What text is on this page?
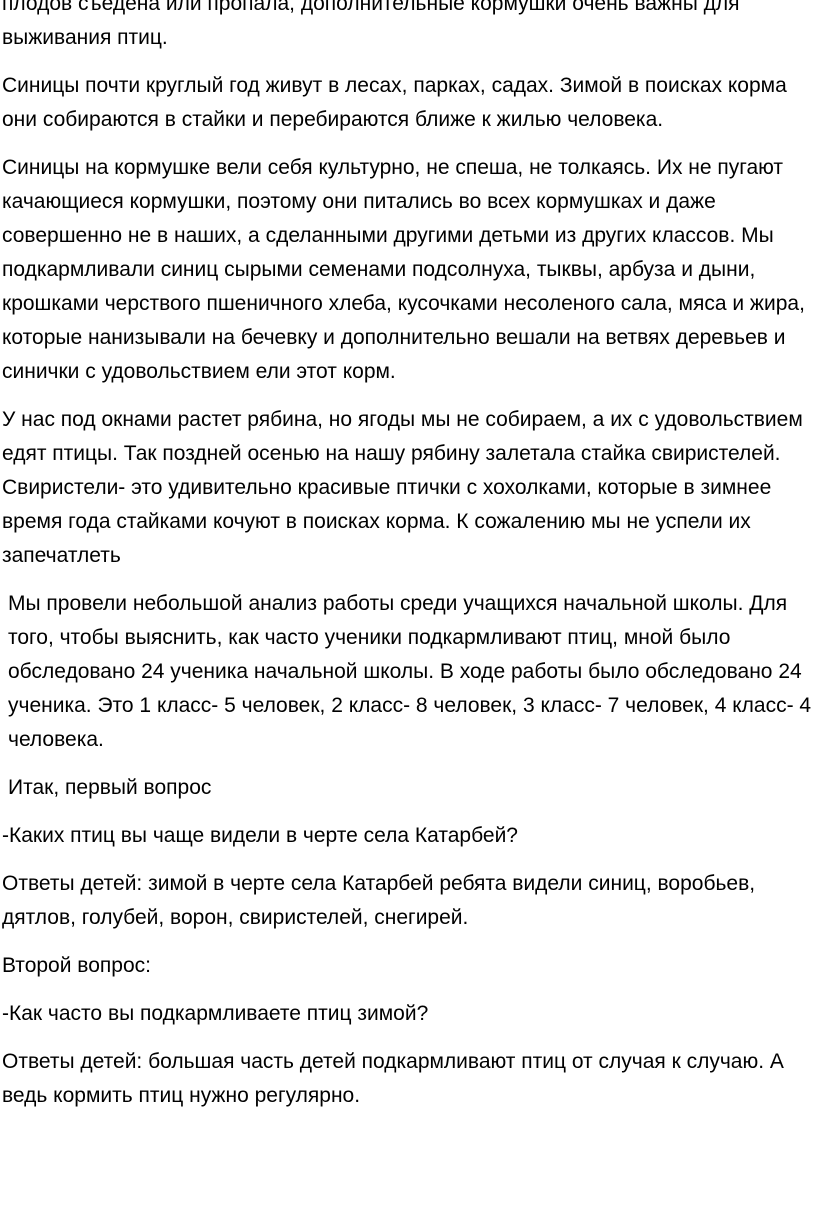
плодов съедена или пропала, дополнительные кормушки очень важны для выживания птиц.

Синицы почти круглый год живут в лесах, парках, садах. Зимой в поисках корма они собираются в стайки и перебираются ближе к жилью человека.

Синицы на кормушке вели себя культурно, не спеша, не толкаясь. Их не пугают качающиеся кормушки, поэтому они питались во всех кормушках и даже совершенно не в наших, а сделанными другими детьми из других классов. Мы подкармливали синиц сырыми семенами подсолнуха, тыквы, арбуза и дыни, крошками черствого пшеничного хлеба, кусочками несоленого сала, мяса и жира, которые нанизывали на бечевку и дополнительно вешали на ветвях деревьев и синички с удовольствием ели этот корм.

У нас под окнами растет рябина, но ягоды мы не собираем, а их с удовольствием едят птицы. Так поздней осенью на нашу рябину залетала стайка свиристелей. Свиристели- это удивительно красивые птички с хохолками, которые в зимнее время года стайками кочуют в поисках корма. К сожалению мы не успели их запечатлеть

Мы провели небольшой анализ работы среди учащихся начальной школы. Для того, чтобы выяснить, как часто ученики подкармливают птиц, мной было обследовано 24 ученика начальной школы. В ходе работы было обследовано 24 ученика. Это 1 класс- 5 человек, 2 класс- 8 человек, 3 класс- 7 человек, 4 класс- 4 человека.

Итак, первый вопрос

-Каких птиц вы чаще видели в черте села Катарбей?

Ответы детей: зимой в черте села Катарбей ребята видели синиц, воробьев, дятлов, голубей, ворон, свиристелей, снегирей.

Второй вопрос:

-Как часто вы подкармливаете птиц зимой?

Ответы детей: большая часть детей подкармливают птиц от случая к случаю. А ведь кормить птиц нужно регулярно.
